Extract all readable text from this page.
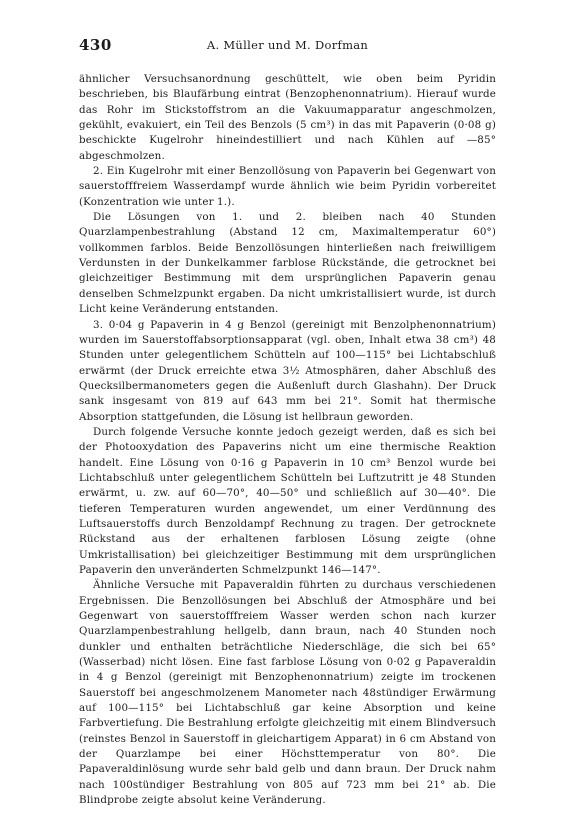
430	A. Müller und M. Dorfman

ähnlicher Versuchsanordnung geschüttelt, wie oben beim Pyridin beschrieben, bis Blaufärbung eintrat (Benzophenonnatrium). Hierauf wurde das Rohr im Stickstoffstrom an die Vakuumapparatur angeschmolzen, gekühlt, evakuiert, ein Teil des Benzols (5 cm³) in das mit Papaverin (0·08 g) beschickte Kugelrohr hineindestilliert und nach Kühlen auf —85° abgeschmolzen.

2. Ein Kugelrohr mit einer Benzollösung von Papaverin bei Gegenwart von sauerstofffreiem Wasserdampf wurde ähnlich wie beim Pyridin vorbereitet (Konzentration wie unter 1.).

Die Lösungen von 1. und 2. bleiben nach 40 Stunden Quarzlampenbestrahlung (Abstand 12 cm, Maximaltemperatur 60°) vollkommen farblos. Beide Benzollösungen hinterließen nach freiwilligem Verdunsten in der Dunkelkammer farblose Rückstände, die getrocknet bei gleichzeitiger Bestimmung mit dem ursprünglichen Papaverin genau denselben Schmelzpunkt ergaben. Da nicht umkristallisiert wurde, ist durch Licht keine Veränderung entstanden.

3. 0·04 g Papaverin in 4 g Benzol (gereinigt mit Benzolphenonnatrium) wurden im Sauerstoffabsorptionsapparat (vgl. oben, Inhalt etwa 38 cm³) 48 Stunden unter gelegentlichem Schütteln auf 100—115° bei Lichtabschluß erwärmt (der Druck erreichte etwa 3½ Atmosphären, daher Abschluß des Quecksilbermanometers gegen die Außenluft durch Glashahn). Der Druck sank insgesamt von 819 auf 643 mm bei 21°. Somit hat thermische Absorption stattgefunden, die Lösung ist hellbraun geworden.

Durch folgende Versuche konnte jedoch gezeigt werden, daß es sich bei der Photooxydation des Papaverins nicht um eine thermische Reaktion handelt. Eine Lösung von 0·16 g Papaverin in 10 cm³ Benzol wurde bei Lichtabschluß unter gelegentlichem Schütteln bei Luftzutritt je 48 Stunden erwärmt, u. zw. auf 60—70°, 40—50° und schließlich auf 30—40°. Die tieferen Temperaturen wurden angewendet, um einer Verdünnung des Luftsauerstoffs durch Benzoldampf Rechnung zu tragen. Der getrocknete Rückstand aus der erhaltenen farblosen Lösung zeigte (ohne Umkristallisation) bei gleichzeitiger Bestimmung mit dem ursprünglichen Papaverin den unveränderten Schmelzpunkt 146—147°.

Ähnliche Versuche mit Papaveraldin führten zu durchaus verschiedenen Ergebnissen. Die Benzollösungen bei Abschluß der Atmosphäre und bei Gegenwart von sauerstofffreiem Wasser werden schon nach kurzer Quarzlampenbestrahlung hellgelb, dann braun, nach 40 Stunden noch dunkler und enthalten beträchtliche Niederschläge, die sich bei 65° (Wasserbad) nicht lösen. Eine fast farblose Lösung von 0·02 g Papaveraldin in 4 g Benzol (gereinigt mit Benzophenonnatrium) zeigte im trockenen Sauerstoff bei angeschmolzenem Manometer nach 48stündiger Erwärmung auf 100—115° bei Lichtabschluß gar keine Absorption und keine Farbvertiefung. Die Bestrahlung erfolgte gleichzeitig mit einem Blindversuch (reinstes Benzol in Sauerstoff in gleichartigem Apparat) in 6 cm Abstand von der Quarzlampe bei einer Höchsttemperatur von 80°. Die Papaveraldinlösung wurde sehr bald gelb und dann braun. Der Druck nahm nach 100stündiger Bestrahlung von 805 auf 723 mm bei 21° ab. Die Blindprobe zeigte absolut keine Veränderung.
